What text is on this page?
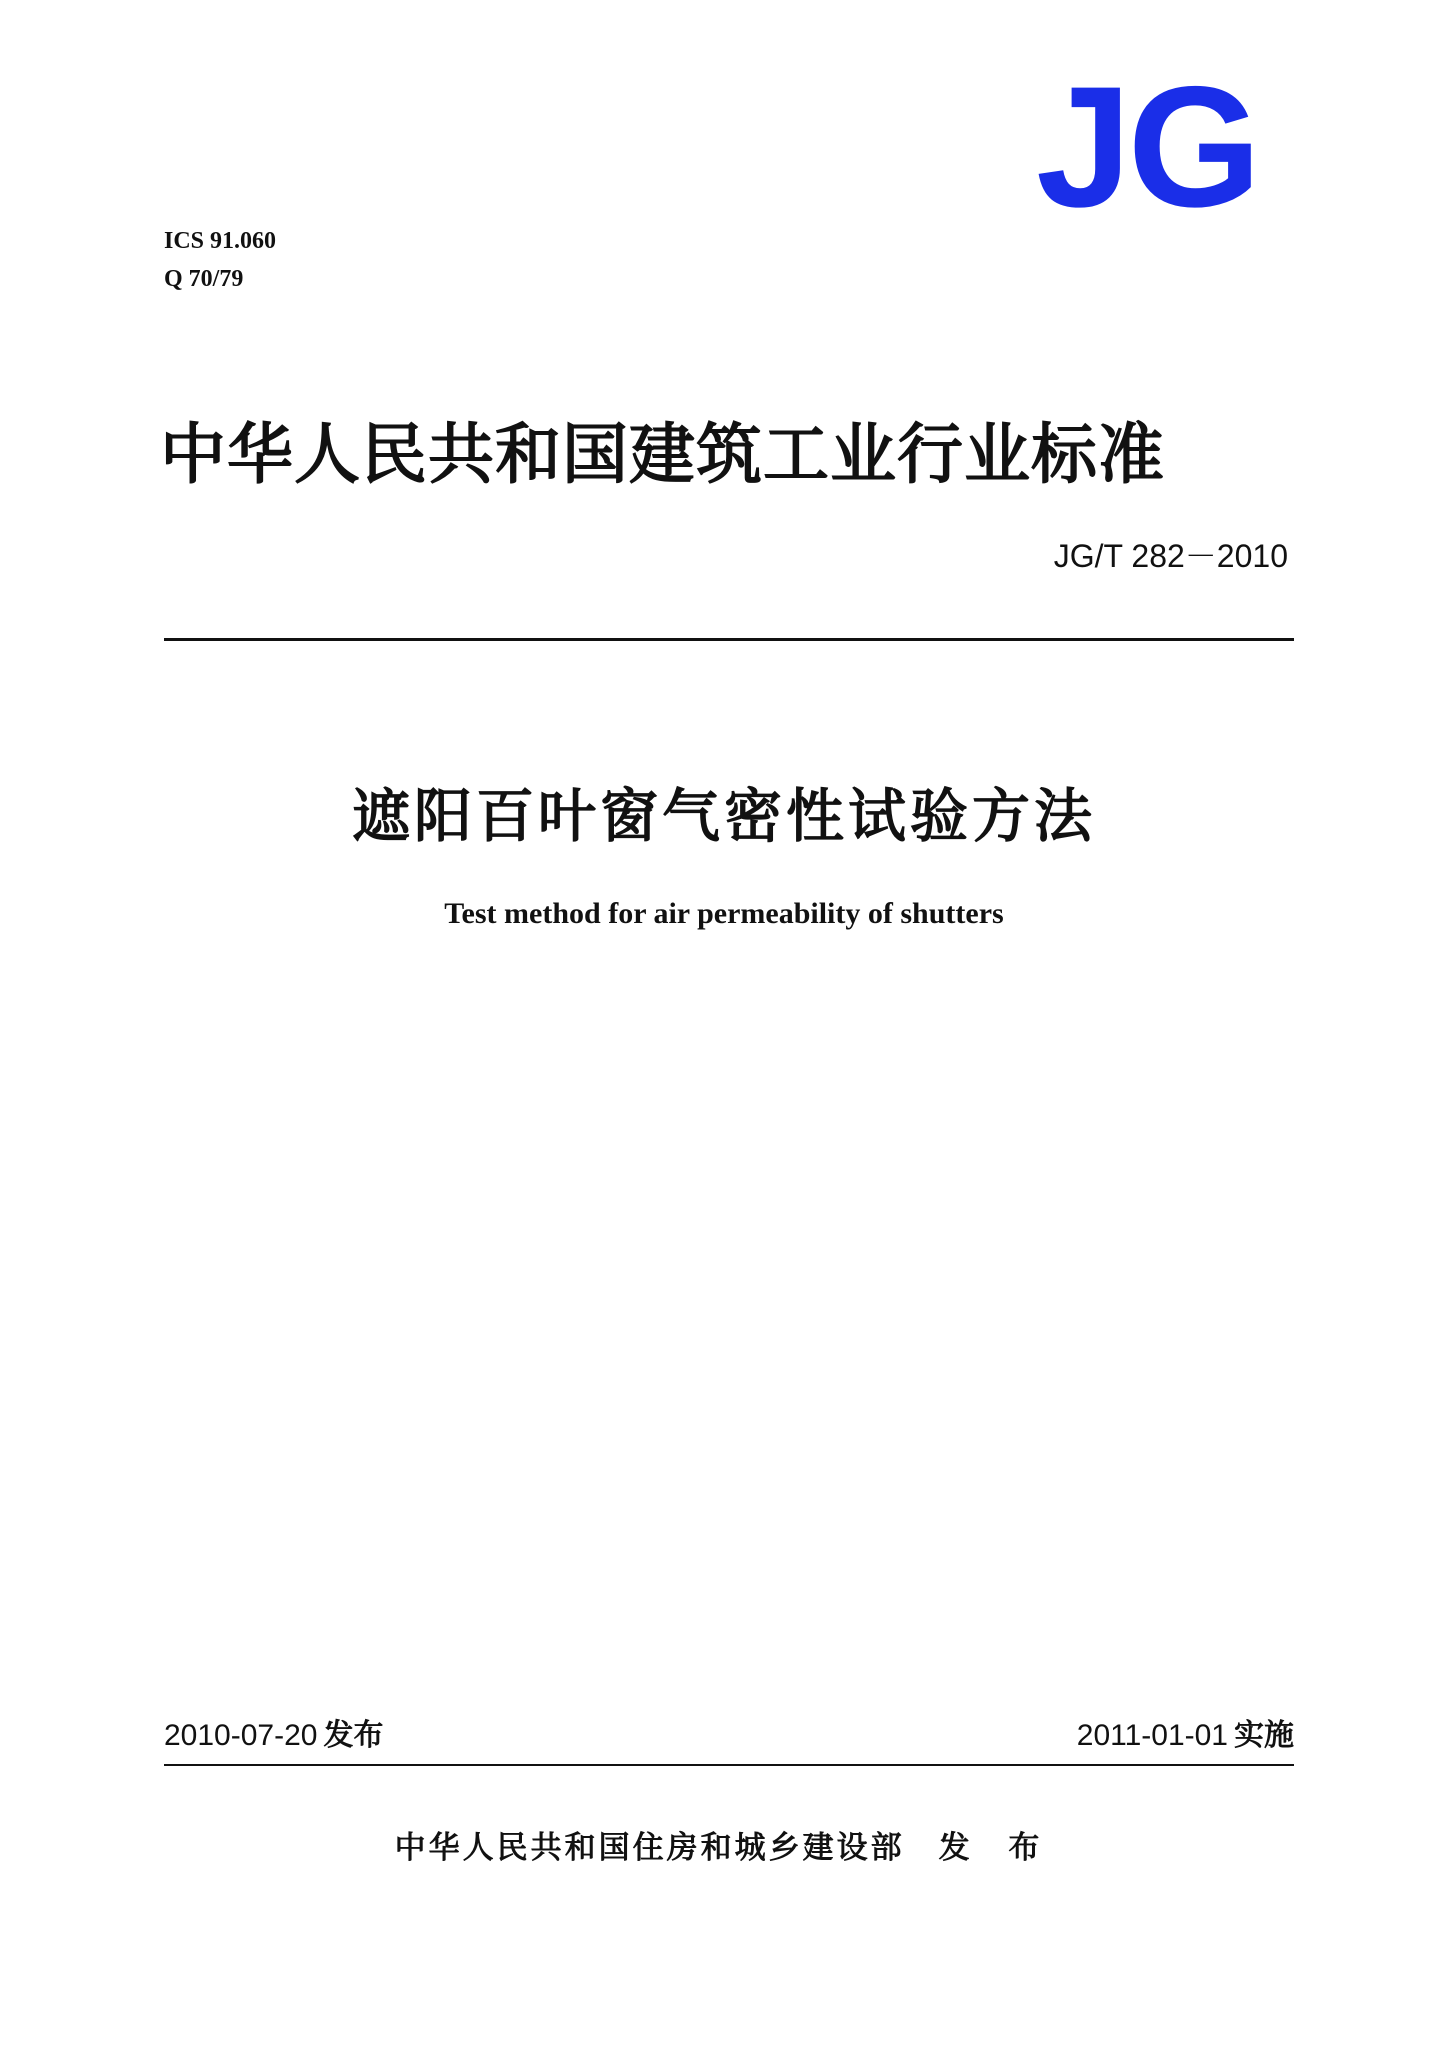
JG
ICS 91.060
Q 70/79
中华人民共和国建筑工业行业标准
JG/T 282－2010
遮阳百叶窗气密性试验方法
Test method for air permeability of shutters
2010-07-20 发布	2011-01-01 实施
中华人民共和国住房和城乡建设部 发 布
